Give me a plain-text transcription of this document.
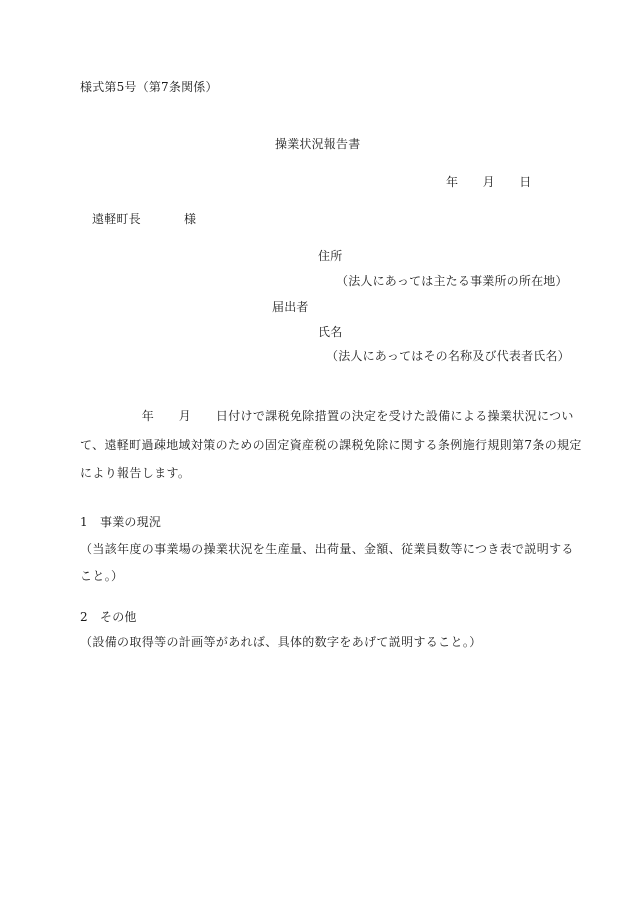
様式第5号（第7条関係）
操業状況報告書
年　　月　　日
遠軽町長	様
住所
（法人にあっては主たる事業所の所在地）
届出者
氏名
（法人にあってはその名称及び代表者氏名）
　　　　　年　　月　　日付けで課税免除措置の決定を受けた設備による操業状況につい
て、遠軽町過疎地域対策のための固定資産税の課税免除に関する条例施行規則第7条の規定
により報告します。
1　事業の現況
（当該年度の事業場の操業状況を生産量、出荷量、金額、従業員数等につき表で説明する
こと。）
2　その他
（設備の取得等の計画等があれば、具体的数字をあげて説明すること。）
